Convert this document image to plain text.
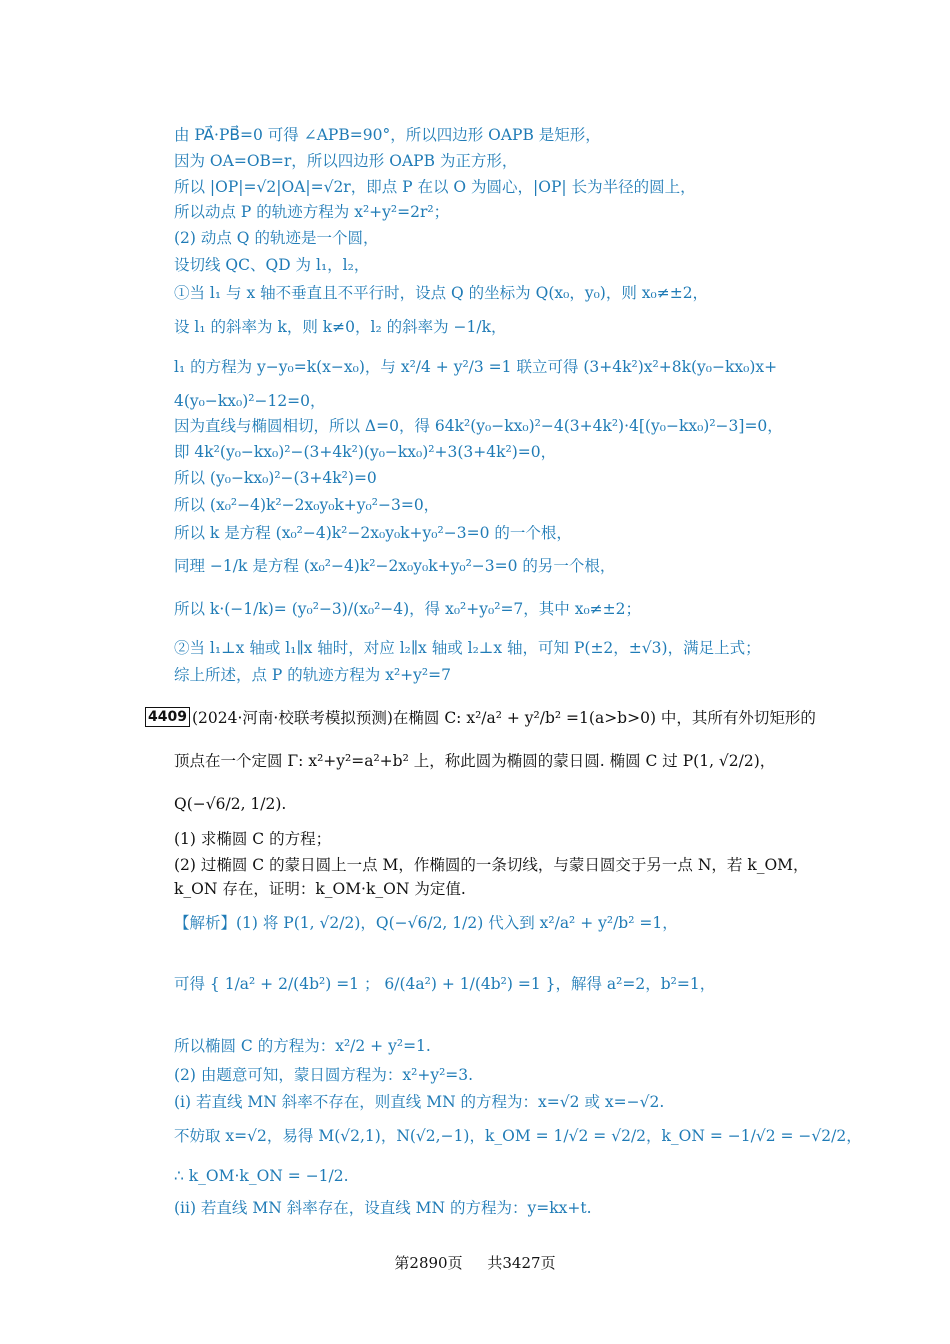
由 PA⃗·PB⃗=0 可得 ∠APB=90°，所以四边形 OAPB 是矩形，
因为 OA=OB=r，所以四边形 OAPB 为正方形，
所以 |OP|=√2|OA|=√2r，即点 P 在以 O 为圆心，|OP| 长为半径的圆上，
所以动点 P 的轨迹方程为 x²+y²=2r²；
(2) 动点 Q 的轨迹是一个圆，
设切线 QC、QD 为 l₁，l₂，
①当 l₁ 与 x 轴不垂直且不平行时，设点 Q 的坐标为 Q(x₀，y₀)，则 x₀≠±2，
设 l₁ 的斜率为 k，则 k≠0，l₂ 的斜率为 −1/k，
l₁ 的方程为 y−y₀=k(x−x₀)，与 x²/4 + y²/3 =1 联立可得 (3+4k²)x²+8k(y₀−kx₀)x+
4(y₀−kx₀)²−12=0，
因为直线与椭圆相切，所以 Δ=0，得 64k²(y₀−kx₀)²−4(3+4k²)·4[(y₀−kx₀)²−3]=0，
即 4k²(y₀−kx₀)²−(3+4k²)(y₀−kx₀)²+3(3+4k²)=0，
所以 (y₀−kx₀)²−(3+4k²)=0
所以 (x₀²−4)k²−2x₀y₀k+y₀²−3=0，
所以 k 是方程 (x₀²−4)k²−2x₀y₀k+y₀²−3=0 的一个根，
同理 −1/k 是方程 (x₀²−4)k²−2x₀y₀k+y₀²−3=0 的另一个根，
所以 k·(−1/k)= (y₀²−3)/(x₀²−4)，得 x₀²+y₀²=7，其中 x₀≠±2；
②当 l₁⊥x 轴或 l₁∥x 轴时，对应 l₂∥x 轴或 l₂⊥x 轴，可知 P(±2，±√3)，满足上式；
综上所述，点 P 的轨迹方程为 x²+y²=7
4409 (2024·河南·校联考模拟预测)在椭圆 C: x²/a² + y²/b² =1(a>b>0) 中，其所有外切矩形的
顶点在一个定圆 Γ: x²+y²=a²+b² 上，称此圆为椭圆的蒙日圆. 椭圆 C 过 P(1, √2/2)，
Q(−√6/2, 1/2).
(1) 求椭圆 C 的方程；
(2) 过椭圆 C 的蒙日圆上一点 M，作椭圆的一条切线，与蒙日圆交于另一点 N，若 k_OM，
k_ON 存在，证明：k_OM·k_ON 为定值.
【解析】(1) 将 P(1, √2/2)，Q(−√6/2, 1/2) 代入到 x²/a² + y²/b² =1，
可得 { 1/a² + 2/(4b²) =1 ； 6/(4a²) + 1/(4b²) =1 }，解得 a²=2，b²=1，
所以椭圆 C 的方程为：x²/2 + y²=1.
(2) 由题意可知，蒙日圆方程为：x²+y²=3.
(i) 若直线 MN 斜率不存在，则直线 MN 的方程为：x=√2 或 x=−√2.
不妨取 x=√2，易得 M(√2,1)，N(√2,−1)，k_OM = 1/√2 = √2/2，k_ON = −1/√2 = −√2/2，
∴ k_OM·k_ON = −1/2.
(ii) 若直线 MN 斜率存在，设直线 MN 的方程为：y=kx+t.
第2890页 共3427页
